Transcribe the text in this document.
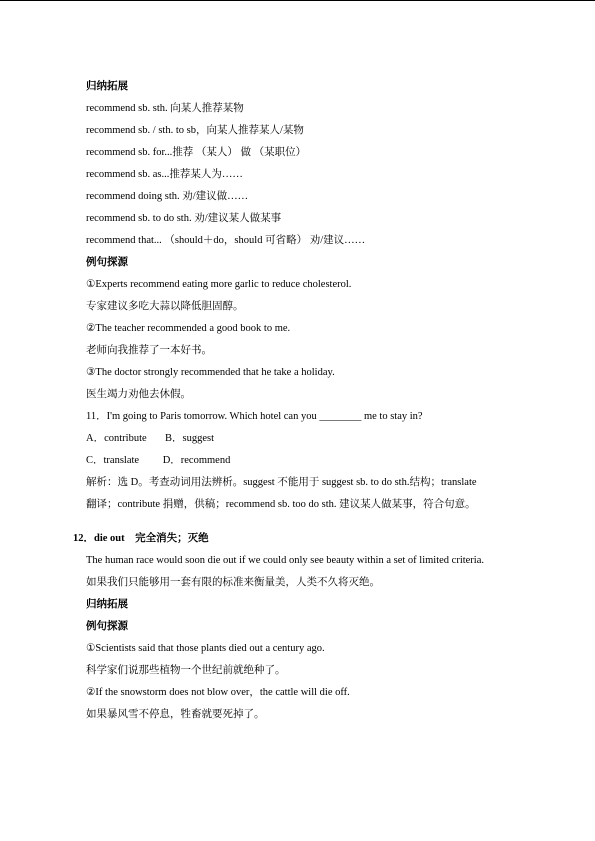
归纳拓展
recommend sb. sth. 向某人推荐某物
recommend sb. / sth. to sb，向某人推荐某人/某物
recommend sb. for...推荐 （某人） 做 （某职位）
recommend sb. as...推荐某人为……
recommend doing sth. 劝/建议做……
recommend sb. to do sth. 劝/建议某人做某事
recommend that... （should＋do，should 可省略） 劝/建议……
例句探源
①Experts recommend eating more garlic to reduce cholesterol.
专家建议多吃大蒜以降低胆固醇。
②The teacher recommended a good book to me.
老师向我推荐了一本好书。
③The doctor strongly recommended that he take a holiday.
医生竭力劝他去休假。
11．I'm going to Paris tomorrow. Which hotel can you ________ me to stay in?
A．contribute       B．suggest
C．translate         D．recommend
解析：选 D。考查动词用法辨析。suggest 不能用于 suggest sb. to do sth.结构；translate
翻译；contribute 捐赠，供稿；recommend sb. too do sth. 建议某人做某事，符合句意。
12．die out    完全消失；灭绝
The human race would soon die out if we could only see beauty within a set of limited criteria.
如果我们只能够用一套有限的标准来衡量美，人类不久将灭绝。
归纳拓展
例句探源
①Scientists said that those plants died out a century ago.
科学家们说那些植物一个世纪前就绝种了。
②If the snowstorm does not blow over，the cattle will die off.
如果暴风雪不停息，牲畜就要死掉了。
